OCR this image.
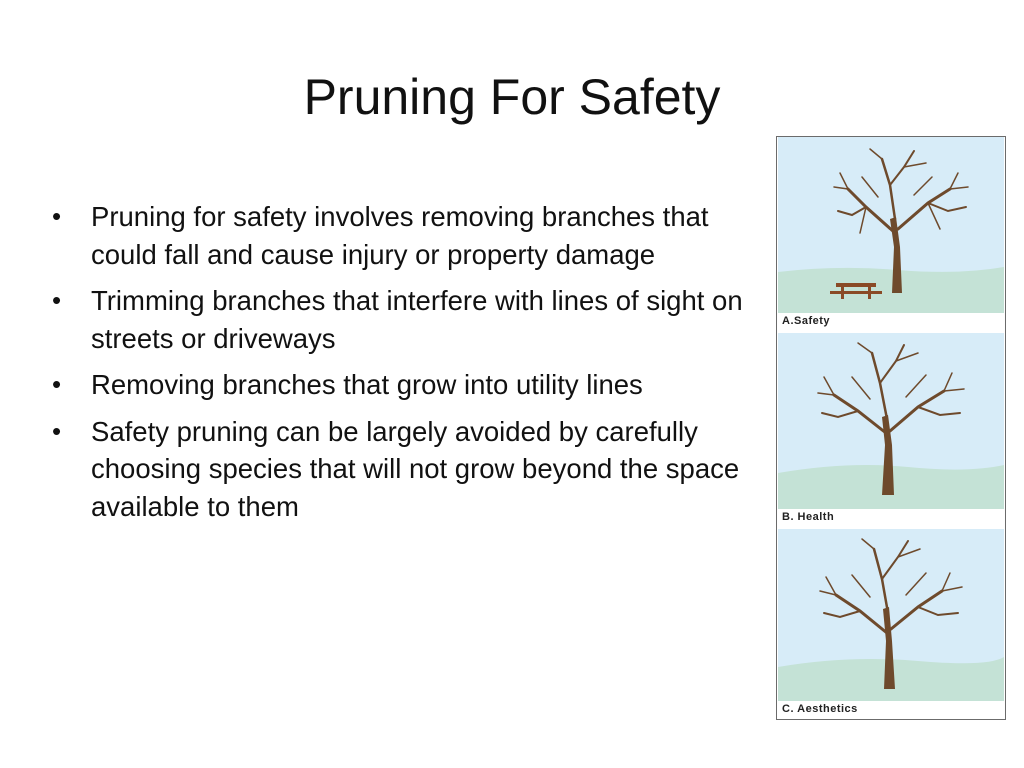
Pruning For Safety
• Pruning for safety involves removing branches that could fall and cause injury or property damage
• Trimming branches that interfere with lines of sight on streets or driveways
• Removing branches that grow into utility lines
• Safety pruning can be largely avoided by carefully choosing species that will not grow beyond the space available to them
A.Safety
B. Health
C. Aesthetics
